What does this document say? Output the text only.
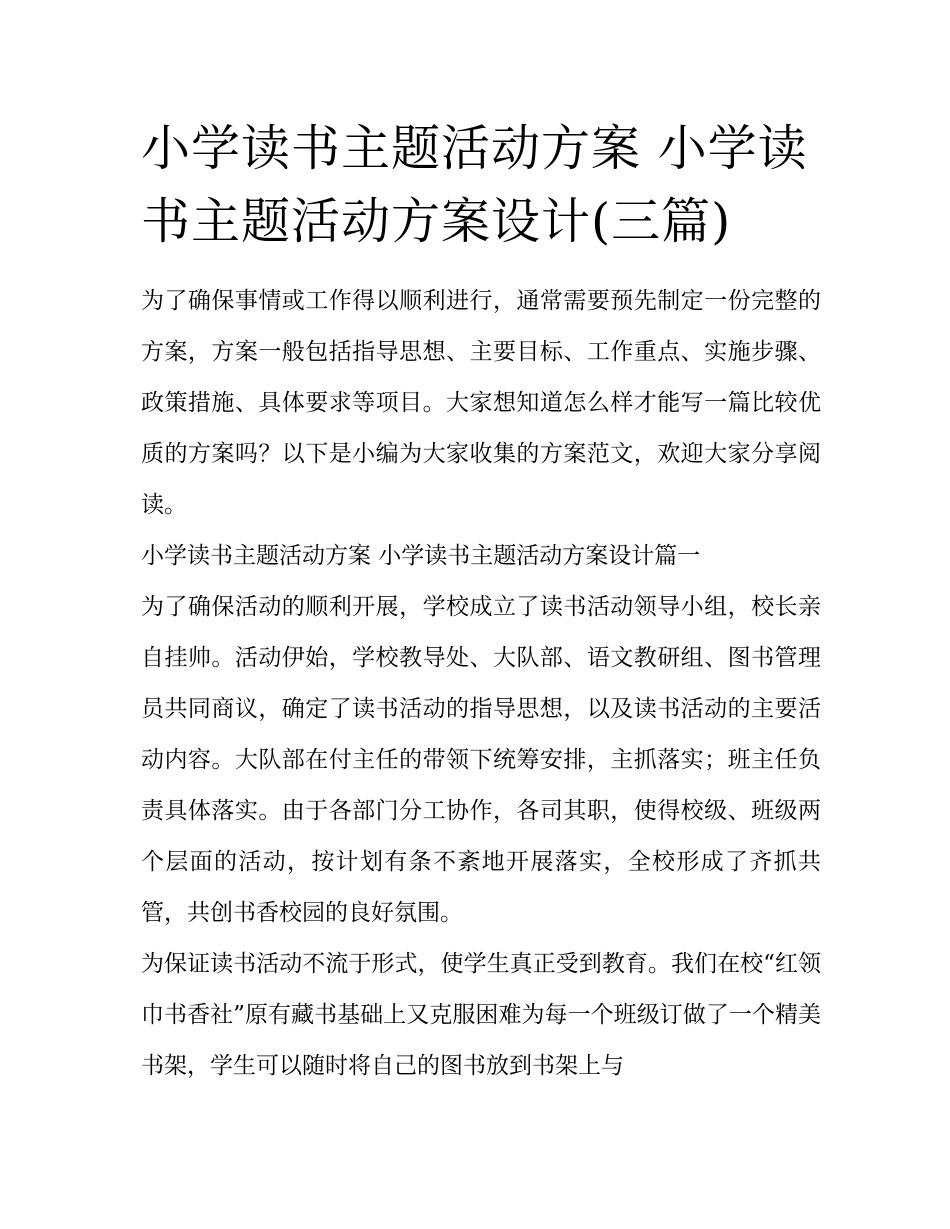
小学读书主题活动方案 小学读书主题活动方案设计(三篇)

为了确保事情或工作得以顺利进行，通常需要预先制定一份完整的方案，方案一般包括指导思想、主要目标、工作重点、实施步骤、政策措施、具体要求等项目。大家想知道怎么样才能写一篇比较优质的方案吗？以下是小编为大家收集的方案范文，欢迎大家分享阅读。

小学读书主题活动方案 小学读书主题活动方案设计篇一

为了确保活动的顺利开展，学校成立了读书活动领导小组，校长亲自挂帅。活动伊始，学校教导处、大队部、语文教研组、图书管理员共同商议，确定了读书活动的指导思想，以及读书活动的主要活动内容。大队部在付主任的带领下统筹安排，主抓落实；班主任负责具体落实。由于各部门分工协作，各司其职，使得校级、班级两个层面的活动，按计划有条不紊地开展落实，全校形成了齐抓共管，共创书香校园的良好氛围。

为保证读书活动不流于形式，使学生真正受到教育。我们在校“红领巾书香社”原有藏书基础上又克服困难为每一个班级订做了一个精美书架，学生可以随时将自己的图书放到书架上与
